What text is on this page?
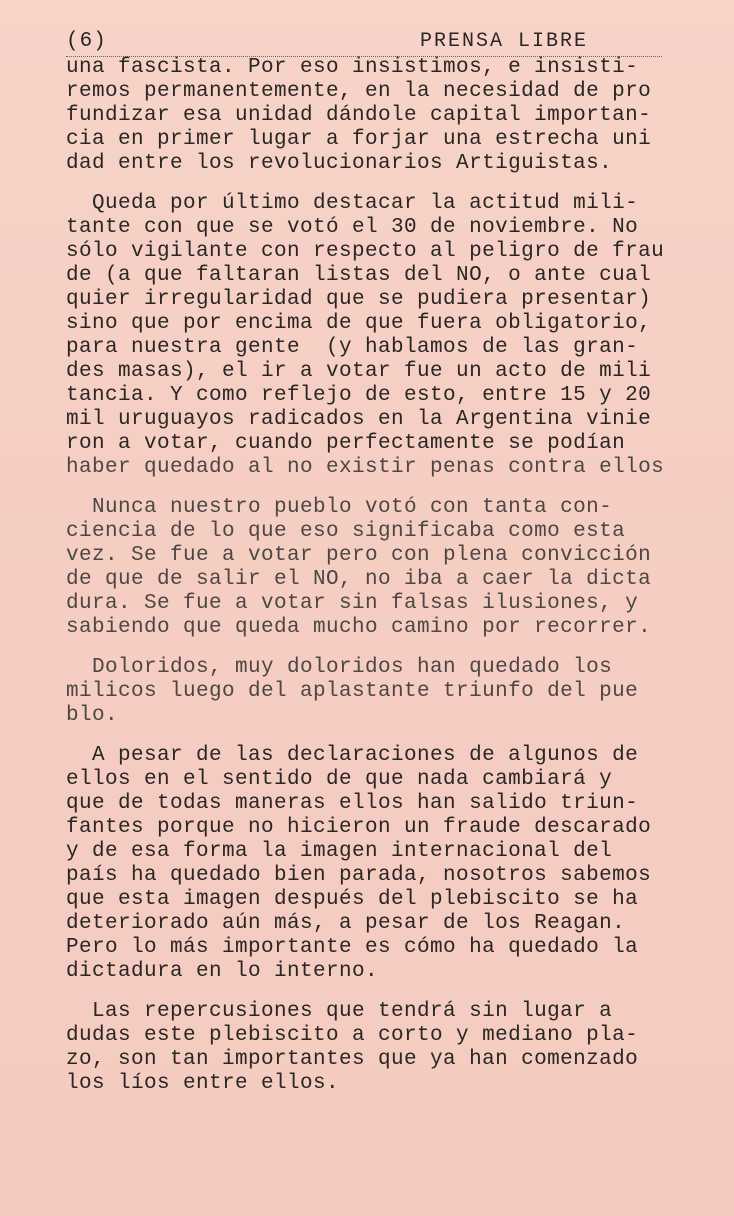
(6)	PRENSA LIBRE

una fascista. Por eso insistimos, e insisti-
remos permanentemente, en la necesidad de pro
fundizar esa unidad dándole capital importan-
cia en primer lugar a forjar una estrecha uni
dad entre los revolucionarios Artiguistas.

Queda por último destacar la actitud mili-
tante con que se votó el 30 de noviembre. No
sólo vigilante con respecto al peligro de frau
de (a que faltaran listas del NO, o ante cual
quier irregularidad que se pudiera presentar)
sino que por encima de que fuera obligatorio,
para nuestra gente  (y hablamos de las gran-
des masas), el ir a votar fue un acto de mili
tancia. Y como reflejo de esto, entre 15 y 20
mil uruguayos radicados en la Argentina vinie
ron a votar, cuando perfectamente se podían
haber quedado al no existir penas contra ellos

Nunca nuestro pueblo votó con tanta con-
ciencia de lo que eso significaba como esta
vez. Se fue a votar pero con plena convicción
de que de salir el NO, no iba a caer la dicta
dura. Se fue a votar sin falsas ilusiones, y
sabiendo que queda mucho camino por recorrer.

Doloridos, muy doloridos han quedado los
milicos luego del aplastante triunfo del pue
blo.

A pesar de las declaraciones de algunos de
ellos en el sentido de que nada cambiará y
que de todas maneras ellos han salido triun-
fantes porque no hicieron un fraude descarado
y de esa forma la imagen internacional del
país ha quedado bien parada, nosotros sabemos
que esta imagen después del plebiscito se ha
deteriorado aún más, a pesar de los Reagan.
Pero lo más importante es cómo ha quedado la
dictadura en lo interno.

Las repercusiones que tendrá sin lugar a
dudas este plebiscito a corto y mediano pla-
zo, son tan importantes que ya han comenzado
los líos entre ellos.
